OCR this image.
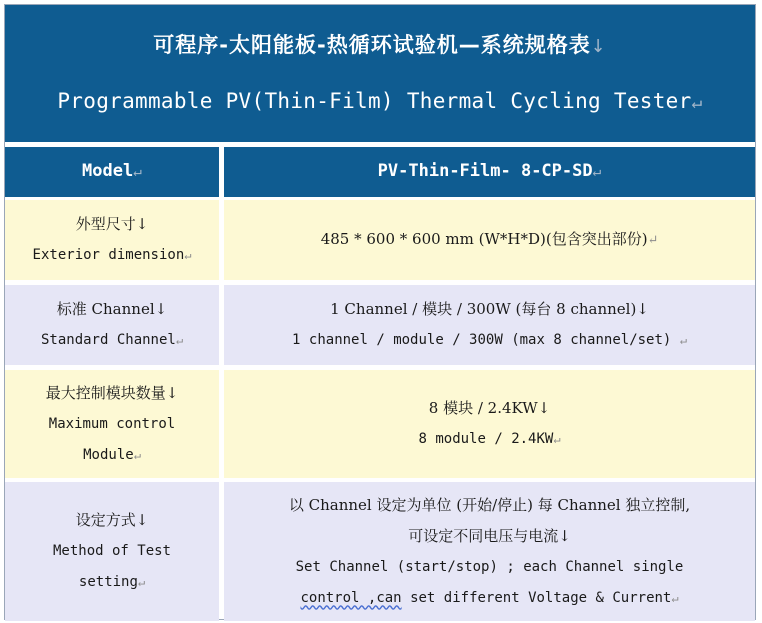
可程序-太阳能板-热循环试验机—系统规格表↓
Programmable PV(Thin-Film) Thermal Cycling Tester↵
Model↵	PV-Thin-Film- 8-CP-SD↵
外型尺寸↓
Exterior dimension↵
485 * 600 * 600 mm (W*H*D)(包含突出部份)↵
标准 Channel↓
Standard Channel↵
1 Channel / 模块 / 300W (每台 8 channel)↓
1 channel / module / 300W (max 8 channel/set) ↵
最大控制模块数量↓
Maximum control
Module↵
8 模块 / 2.4KW↓
8 module / 2.4KW↵
设定方式↓
Method of Test
setting↵
以 Channel 设定为单位 (开始/停止) 每 Channel 独立控制,
可设定不同电压与电流↓
Set Channel (start/stop) ; each Channel single
control ,can set different Voltage & Current↵
